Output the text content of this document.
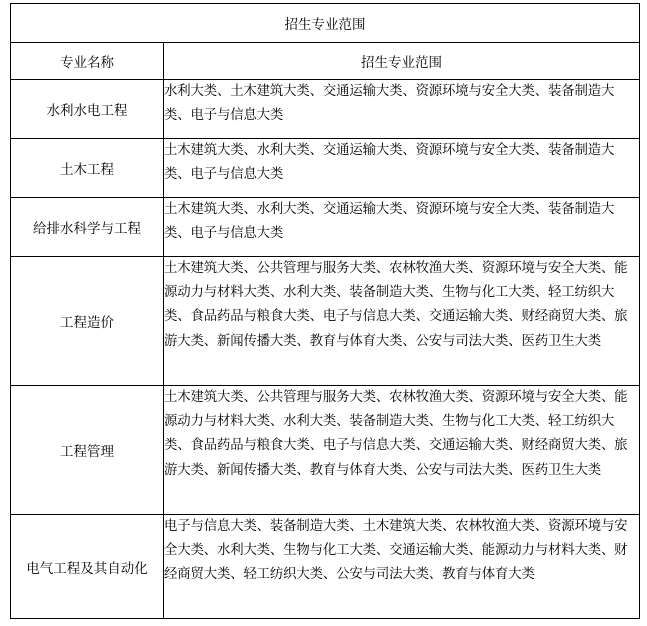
招生专业范围	
专业名称	招生专业范围
水利水电工程	水利大类、土木建筑大类、交通运输大类、资源环境与安全大类、装备制造大类、电子与信息大类
土木工程	土木建筑大类、水利大类、交通运输大类、资源环境与安全大类、装备制造大类、电子与信息大类
给排水科学与工程	土木建筑大类、水利大类、交通运输大类、资源环境与安全大类、装备制造大类、电子与信息大类
工程造价	土木建筑大类、公共管理与服务大类、农林牧渔大类、资源环境与安全大类、能源动力与材料大类、水利大类、装备制造大类、生物与化工大类、轻工纺织大类、食品药品与粮食大类、电子与信息大类、交通运输大类、财经商贸大类、旅游大类、新闻传播大类、教育与体育大类、公安与司法大类、医药卫生大类
工程管理	土木建筑大类、公共管理与服务大类、农林牧渔大类、资源环境与安全大类、能源动力与材料大类、水利大类、装备制造大类、生物与化工大类、轻工纺织大类、食品药品与粮食大类、电子与信息大类、交通运输大类、财经商贸大类、旅游大类、新闻传播大类、教育与体育大类、公安与司法大类、医药卫生大类
电气工程及其自动化	电子与信息大类、装备制造大类、土木建筑大类、农林牧渔大类、资源环境与安全大类、水利大类、生物与化工大类、交通运输大类、能源动力与材料大类、财经商贸大类、轻工纺织大类、公安与司法大类、教育与体育大类
